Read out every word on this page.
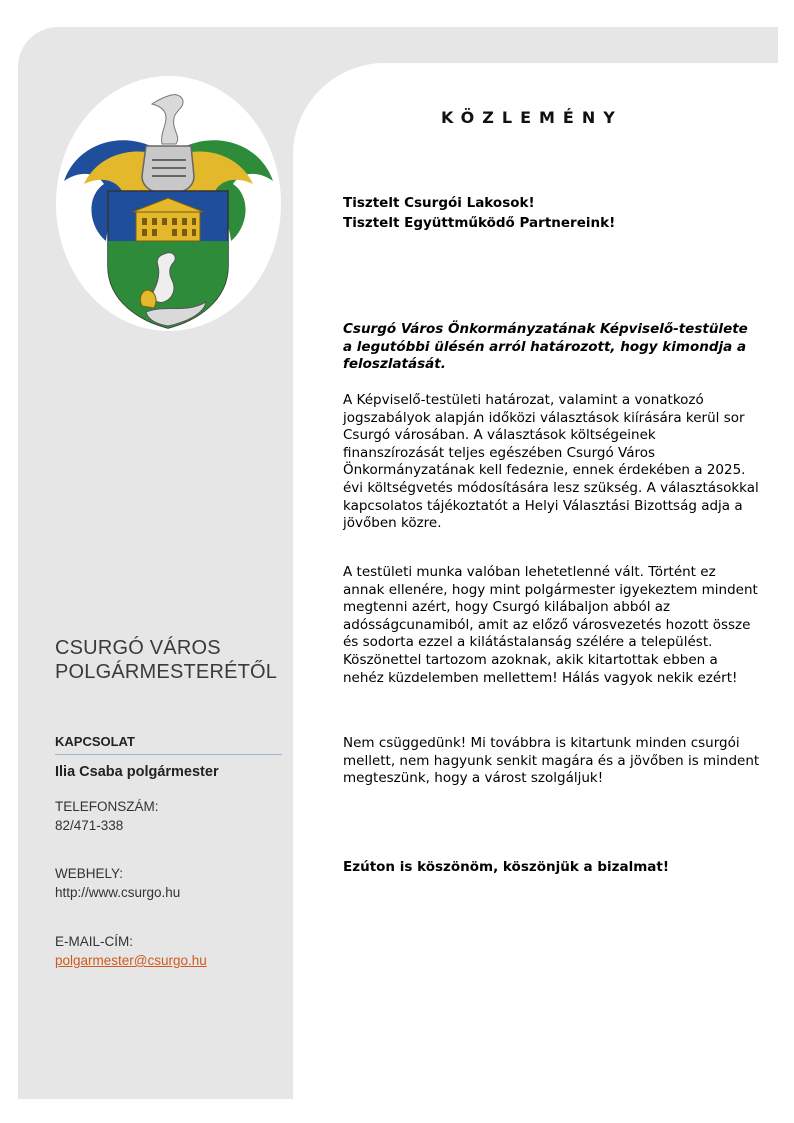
CSURGÓ VÁROS
POLGÁRMESTERÉTŐL
KAPCSOLAT
Ilia Csaba polgármester
TELEFONSZÁM:
82/471-338
WEBHELY:
http://www.csurgo.hu
E-MAIL-CÍM:
polgarmester@csurgo.hu
KÖZLEMÉNY
Tisztelt Csurgói Lakosok!
Tisztelt Együttműködő Partnereink!

Csurgó Város Önkormányzatának Képviselő-testülete a legutóbbi ülésén arról határozott, hogy kimondja a feloszlatását.

A Képviselő-testületi határozat, valamint a vonatkozó jogszabályok alapján időközi választások kiírására kerül sor Csurgó városában. A választások költségeinek finanszírozását teljes egészében Csurgó Város Önkormányzatának kell fedeznie, ennek érdekében a 2025. évi költségvetés módosítására lesz szükség. A választásokkal kapcsolatos tájékoztatót a Helyi Választási Bizottság adja a jövőben közre.

A testületi munka valóban lehetetlenné vált. Történt ez annak ellenére, hogy mint polgármester igyekeztem mindent megtenni azért, hogy Csurgó kilábaljon abból az adósságcunamiból, amit az előző városvezetés hozott össze és sodorta ezzel a kilátástalanság szélére a települést. Köszönettel tartozom azoknak, akik kitartottak ebben a nehéz küzdelemben mellettem! Hálás vagyok nekik ezért!

Nem csüggedünk! Mi továbbra is kitartunk minden csurgói mellett, nem hagyunk senkit magára és a jövőben is mindent megteszünk, hogy a várost szolgáljuk!

Ezúton is köszönöm, köszönjük a bizalmat!
